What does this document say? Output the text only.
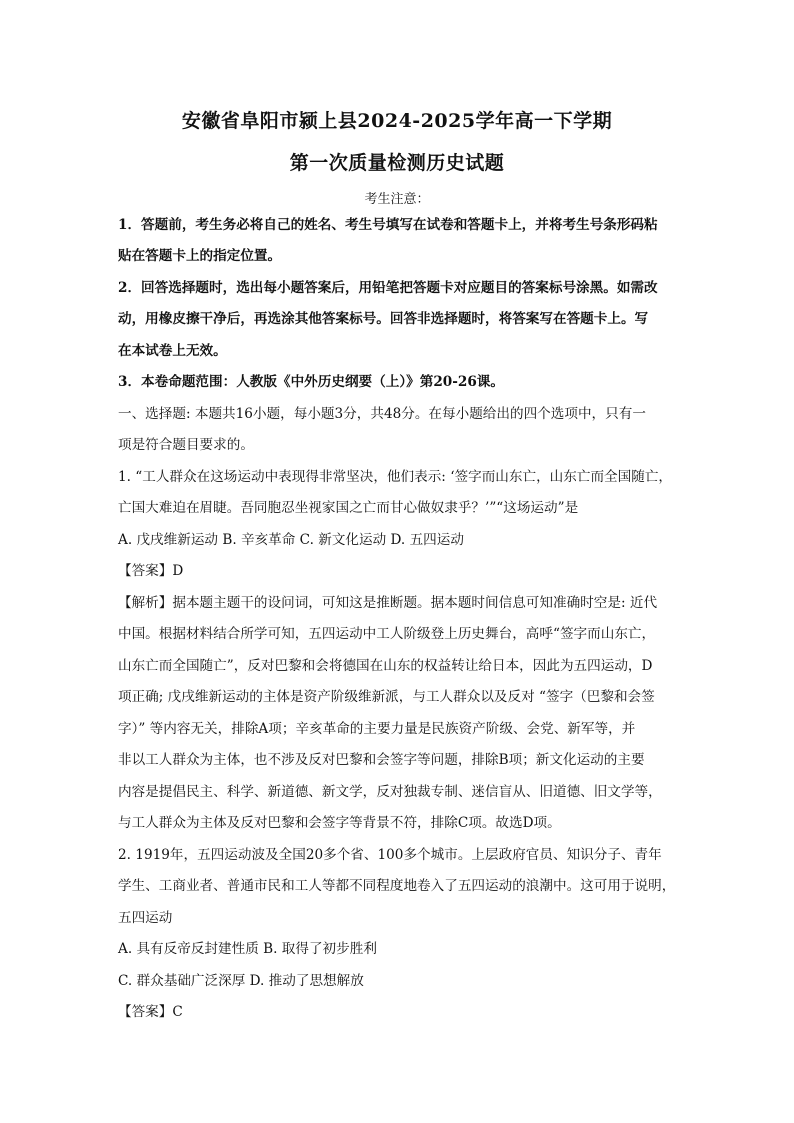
安徽省阜阳市颍上县2024-2025学年高一下学期
第一次质量检测历史试题
考生注意：
1．答题前，考生务必将自己的姓名、考生号填写在试卷和答题卡上，并将考生号条形码粘
贴在答题卡上的指定位置。
2．回答选择题时，选出每小题答案后，用铅笔把答题卡对应题目的答案标号涂黑。如需改
动，用橡皮擦干净后，再选涂其他答案标号。回答非选择题时，将答案写在答题卡上。写
在本试卷上无效。
3．本卷命题范围：人教版《中外历史纲要（上）》第20-26课。
一、选择题: 本题共16小题，每小题3分，共48分。在每小题给出的四个选项中，只有一
项是符合题目要求的。
1. “工人群众在这场运动中表现得非常坚决，他们表示: ‘签字而山东亡，山东亡而全国随亡，
亡国大难迫在眉睫。吾同胞忍坐视家国之亡而甘心做奴隶乎？’”“这场运动”是
A. 戊戌维新运动 B. 辛亥革命 C. 新文化运动 D. 五四运动
【答案】D
【解析】据本题主题干的设问词，可知这是推断题。据本题时间信息可知准确时空是: 近代
中国。根据材料结合所学可知，五四运动中工人阶级登上历史舞台，高呼“签字而山东亡，
山东亡而全国随亡”，反对巴黎和会将德国在山东的权益转让给日本，因此为五四运动，D
项正确; 戊戌维新运动的主体是资产阶级维新派，与工人群众以及反对 “签字（巴黎和会签
字）” 等内容无关，排除A项；辛亥革命的主要力量是民族资产阶级、会党、新军等，并
非以工人群众为主体，也不涉及反对巴黎和会签字等问题，排除B项；新文化运动的主要
内容是提倡民主、科学、新道德、新文学，反对独裁专制、迷信盲从、旧道德、旧文学等，
与工人群众为主体及反对巴黎和会签字等背景不符，排除C项。故选D项。
2. 1919年，五四运动波及全国20多个省、100多个城市。上层政府官员、知识分子、青年
学生、工商业者、普通市民和工人等都不同程度地卷入了五四运动的浪潮中。这可用于说明，
五四运动
A. 具有反帝反封建性质 B. 取得了初步胜利
C. 群众基础广泛深厚 D. 推动了思想解放
【答案】C
